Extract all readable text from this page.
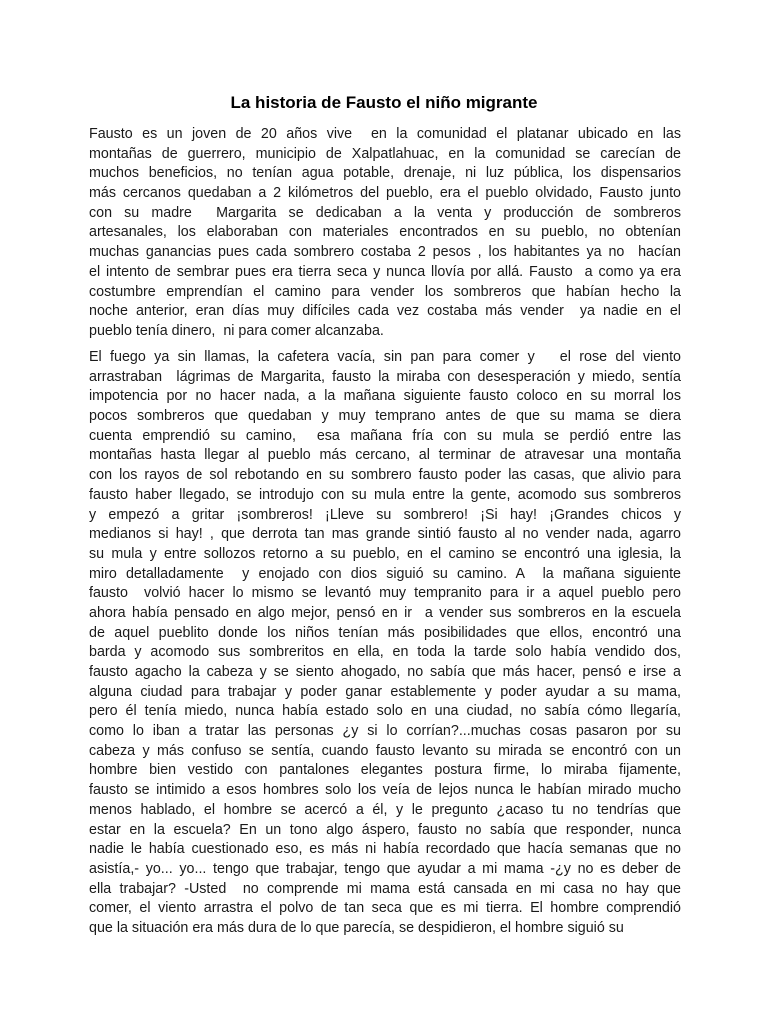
La historia de Fausto el niño migrante
Fausto es un joven de 20 años vive  en la comunidad el platanar ubicado en las
montañas de guerrero, municipio de Xalpatlahuac, en la comunidad se carecían de
muchos beneficios, no tenían agua potable, drenaje, ni luz pública, los dispensarios
más cercanos quedaban a 2 kilómetros del pueblo, era el pueblo olvidado, Fausto junto
con su madre  Margarita se dedicaban a la venta y producción de sombreros
artesanales, los elaboraban con materiales encontrados en su pueblo, no obtenían
muchas ganancias pues cada sombrero costaba 2 pesos , los habitantes ya no  hacían
el intento de sembrar pues era tierra seca y nunca llovía por allá. Fausto  a como ya era
costumbre emprendían el camino para vender los sombreros que habían hecho la
noche anterior, eran días muy difíciles cada vez costaba más vender  ya nadie en el
pueblo tenía dinero,  ni para comer alcanzaba.
El fuego ya sin llamas, la cafetera vacía, sin pan para comer y   el rose del viento
arrastraban  lágrimas de Margarita, fausto la miraba con desesperación y miedo, sentía
impotencia por no hacer nada, a la mañana siguiente fausto coloco en su morral los
pocos sombreros que quedaban y muy temprano antes de que su mama se diera
cuenta emprendió su camino,  esa mañana fría con su mula se perdió entre las
montañas hasta llegar al pueblo más cercano, al terminar de atravesar una montaña
con los rayos de sol rebotando en su sombrero fausto poder las casas, que alivio para
fausto haber llegado, se introdujo con su mula entre la gente, acomodo sus sombreros
y empezó a gritar ¡sombreros! ¡Lleve su sombrero! ¡Si hay! ¡Grandes chicos y
medianos si hay! , que derrota tan mas grande sintió fausto al no vender nada, agarro
su mula y entre sollozos retorno a su pueblo, en el camino se encontró una iglesia, la
miro detalladamente  y enojado con dios siguió su camino. A  la mañana siguiente
fausto  volvió hacer lo mismo se levantó muy tempranito para ir a aquel pueblo pero
ahora había pensado en algo mejor, pensó en ir  a vender sus sombreros en la escuela
de aquel pueblito donde los niños tenían más posibilidades que ellos, encontró una
barda y acomodo sus sombreritos en ella, en toda la tarde solo había vendido dos,
fausto agacho la cabeza y se siento ahogado, no sabía que más hacer, pensó e irse a
alguna ciudad para trabajar y poder ganar establemente y poder ayudar a su mama,
pero él tenía miedo, nunca había estado solo en una ciudad, no sabía cómo llegaría,
como lo iban a tratar las personas ¿y si lo corrían?...muchas cosas pasaron por su
cabeza y más confuso se sentía, cuando fausto levanto su mirada se encontró con un
hombre bien vestido con pantalones elegantes postura firme, lo miraba fijamente,
fausto se intimido a esos hombres solo los veía de lejos nunca le habían mirado mucho
menos hablado, el hombre se acercó a él, y le pregunto ¿acaso tu no tendrías que
estar en la escuela? En un tono algo áspero, fausto no sabía que responder, nunca
nadie le había cuestionado eso, es más ni había recordado que hacía semanas que no
asistía,- yo... yo... tengo que trabajar, tengo que ayudar a mi mama -¿y no es deber de
ella trabajar? -Usted  no comprende mi mama está cansada en mi casa no hay que
comer, el viento arrastra el polvo de tan seca que es mi tierra. El hombre comprendió
que la situación era más dura de lo que parecía, se despidieron, el hombre siguió su
